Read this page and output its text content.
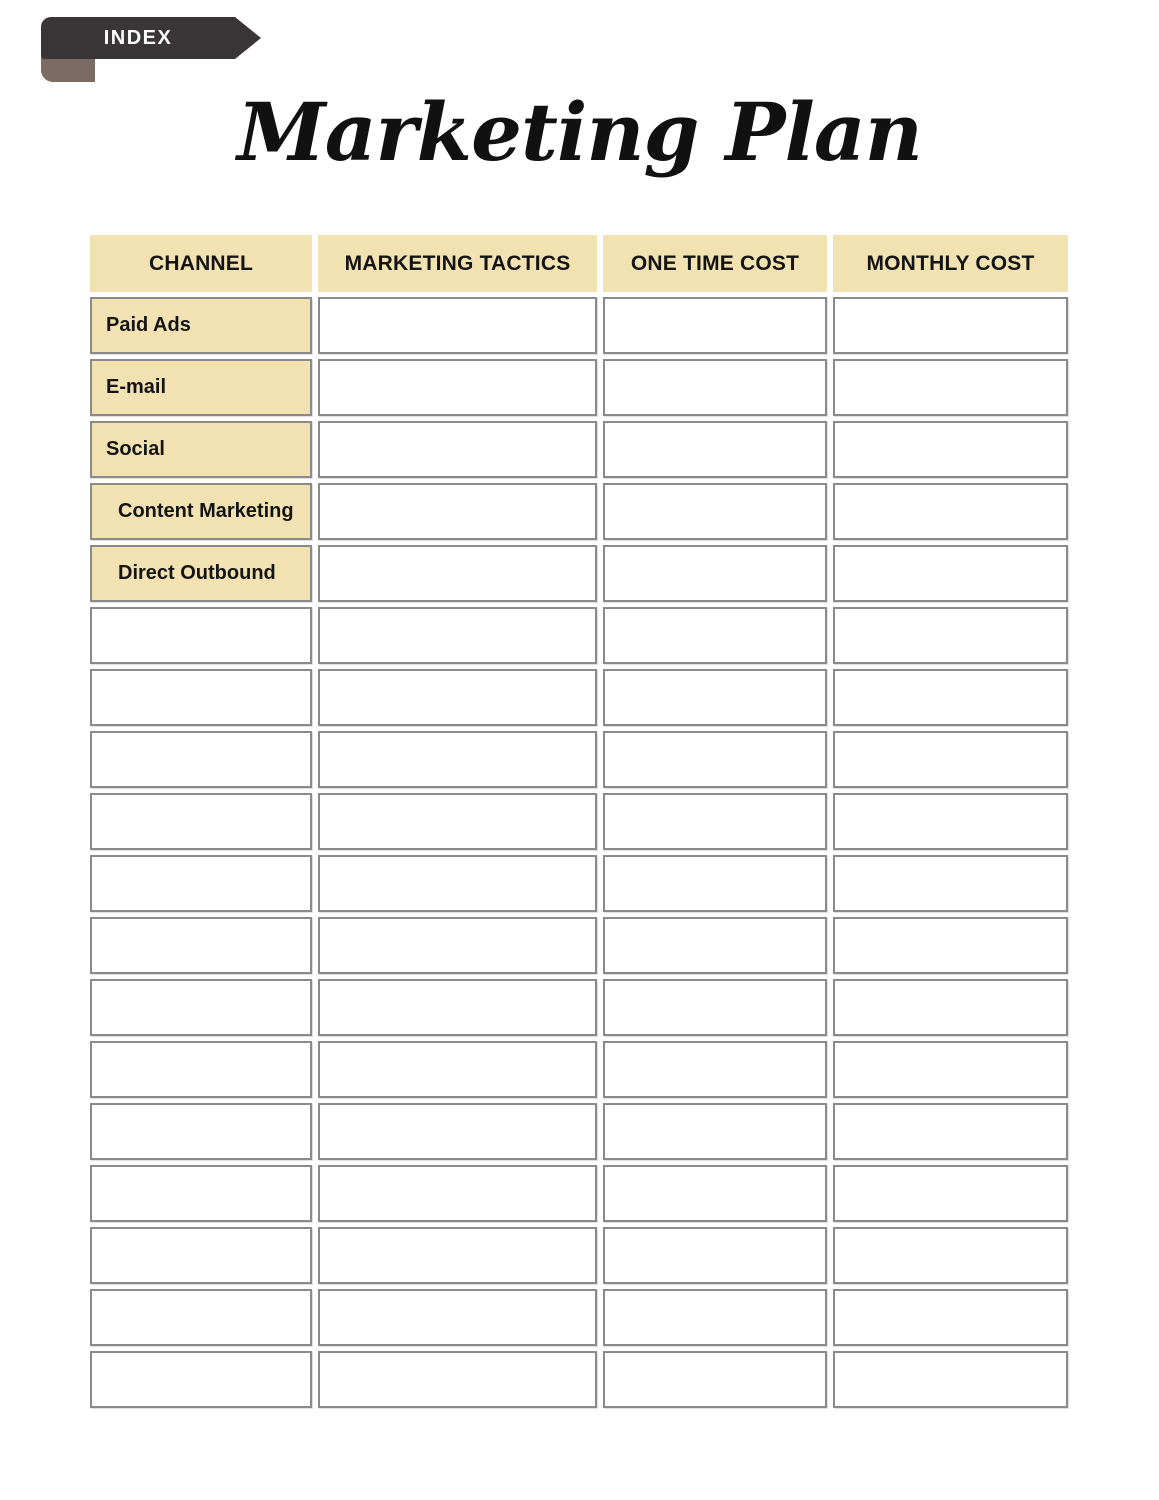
INDEX
Marketing Plan
CHANNEL	MARKETING TACTICS	ONE TIME COST	MONTHLY COST
Paid Ads
E-mail
Social
Content Marketing
Direct Outbound
